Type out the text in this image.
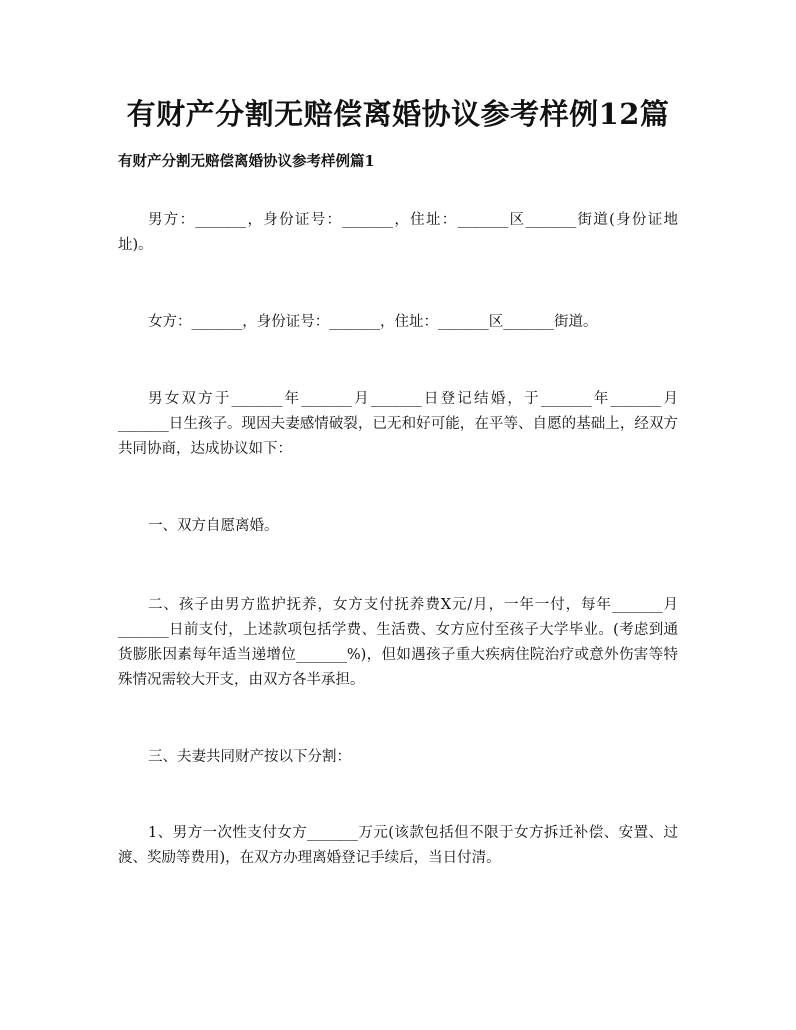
有财产分割无赔偿离婚协议参考样例12篇
有财产分割无赔偿离婚协议参考样例篇1

男方：_______，身份证号：_______，住址：_______区_______街道(身份证地址)。

女方：_______，身份证号：_______，住址：_______区_______街道。

男女双方于_______年_______月_______日登记结婚，于_______年_______月_______日生孩子。现因夫妻感情破裂，已无和好可能，在平等、自愿的基础上，经双方共同协商，达成协议如下：

一、双方自愿离婚。

二、孩子由男方监护抚养，女方支付抚养费X元/月，一年一付，每年_______月_______日前支付，上述款项包括学费、生活费、女方应付至孩子大学毕业。(考虑到通货膨胀因素每年适当递增位_______%)，但如遇孩子重大疾病住院治疗或意外伤害等特殊情况需较大开支，由双方各半承担。

三、夫妻共同财产按以下分割：

1、男方一次性支付女方_______万元(该款包括但不限于女方拆迁补偿、安置、过渡、奖励等费用)，在双方办理离婚登记手续后，当日付清。
